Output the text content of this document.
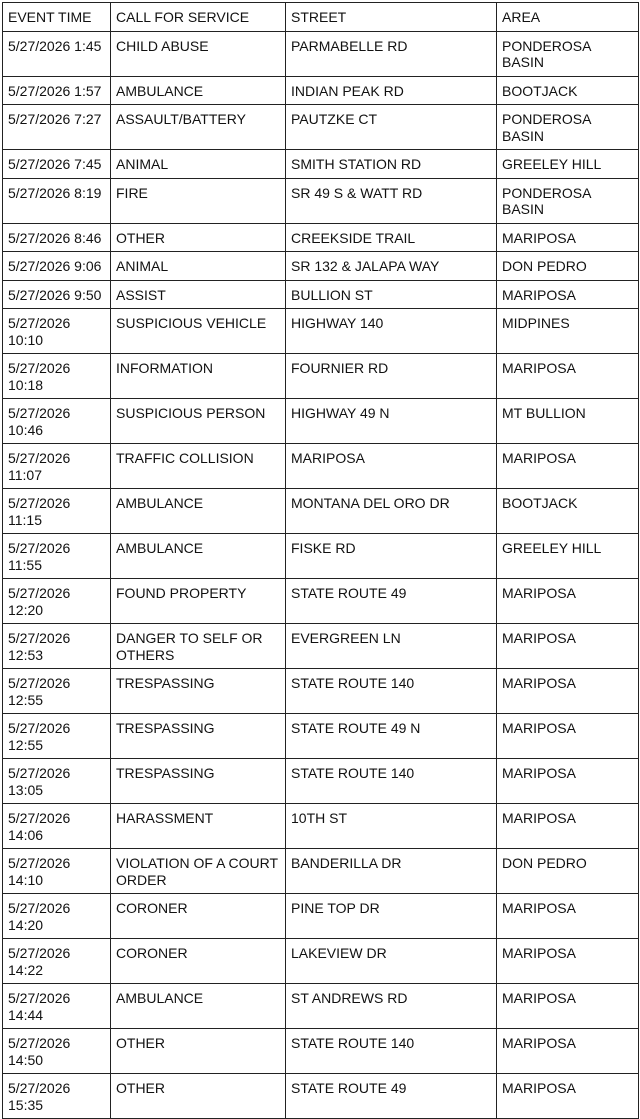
EVENT TIME	CALL FOR SERVICE	STREET	AREA
5/27/2026 1:45	CHILD ABUSE	PARMABELLE RD	PONDEROSA BASIN
5/27/2026 1:57	AMBULANCE	INDIAN PEAK RD	BOOTJACK
5/27/2026 7:27	ASSAULT/BATTERY	PAUTZKE CT	PONDEROSA BASIN
5/27/2026 7:45	ANIMAL	SMITH STATION RD	GREELEY HILL
5/27/2026 8:19	FIRE	SR 49 S & WATT RD	PONDEROSA BASIN
5/27/2026 8:46	OTHER	CREEKSIDE TRAIL	MARIPOSA
5/27/2026 9:06	ANIMAL	SR 132 & JALAPA WAY	DON PEDRO
5/27/2026 9:50	ASSIST	BULLION ST	MARIPOSA
5/27/2026 10:10	SUSPICIOUS VEHICLE	HIGHWAY 140	MIDPINES
5/27/2026 10:18	INFORMATION	FOURNIER RD	MARIPOSA
5/27/2026 10:46	SUSPICIOUS PERSON	HIGHWAY 49 N	MT BULLION
5/27/2026 11:07	TRAFFIC COLLISION	MARIPOSA	MARIPOSA
5/27/2026 11:15	AMBULANCE	MONTANA DEL ORO DR	BOOTJACK
5/27/2026 11:55	AMBULANCE	FISKE RD	GREELEY HILL
5/27/2026 12:20	FOUND PROPERTY	STATE ROUTE 49	MARIPOSA
5/27/2026 12:53	DANGER TO SELF OR OTHERS	EVERGREEN LN	MARIPOSA
5/27/2026 12:55	TRESPASSING	STATE ROUTE 140	MARIPOSA
5/27/2026 12:55	TRESPASSING	STATE ROUTE 49 N	MARIPOSA
5/27/2026 13:05	TRESPASSING	STATE ROUTE 140	MARIPOSA
5/27/2026 14:06	HARASSMENT	10TH ST	MARIPOSA
5/27/2026 14:10	VIOLATION OF A COURT ORDER	BANDERILLA DR	DON PEDRO
5/27/2026 14:20	CORONER	PINE TOP DR	MARIPOSA
5/27/2026 14:22	CORONER	LAKEVIEW DR	MARIPOSA
5/27/2026 14:44	AMBULANCE	ST ANDREWS RD	MARIPOSA
5/27/2026 14:50	OTHER	STATE ROUTE 140	MARIPOSA
5/27/2026 15:35	OTHER	STATE ROUTE 49	MARIPOSA
